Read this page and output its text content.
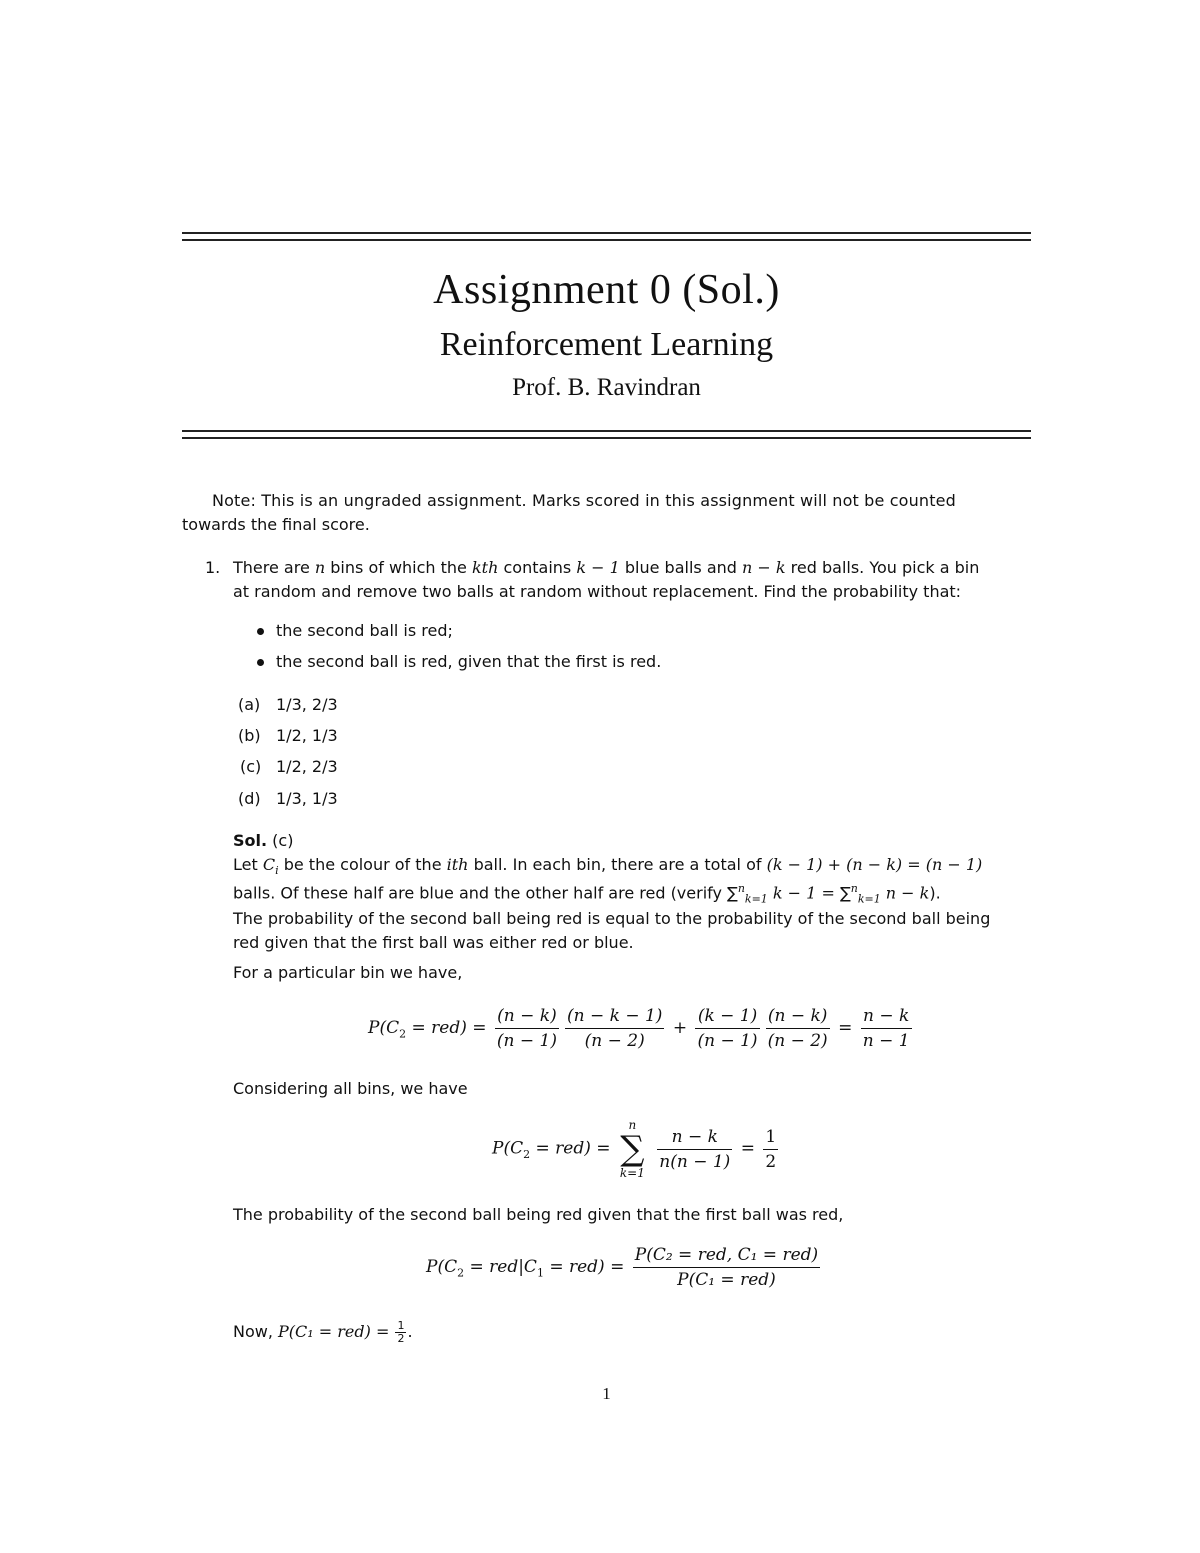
Assignment 0 (Sol.)
Reinforcement Learning
Prof. B. Ravindran
Note: This is an ungraded assignment. Marks scored in this assignment will not be counted
towards the final score.
1. There are n bins of which the kth contains k − 1 blue balls and n − k red balls. You pick a bin
at random and remove two balls at random without replacement. Find the probability that:
the second ball is red;
the second ball is red, given that the first is red.
(a) 1/3, 2/3
(b) 1/2, 1/3
(c) 1/2, 2/3
(d) 1/3, 1/3
Sol. (c)
Let $C_i$ be the colour of the ith ball. In each bin, there are a total of (k − 1) + (n − k) = (n − 1)
balls. Of these half are blue and the other half are red (verify ∑$^n_{k=1}$ k − 1 = ∑$^n_{k=1}$ n − k).
The probability of the second ball being red is equal to the probability of the second ball being
red given that the first ball was either red or blue.
For a particular bin we have,
$P(C_2 = red) = \frac{(n - k)}{(n - 1)} \frac{(n - k - 1)}{(n - 2)} + \frac{(k - 1)}{(n - 1)} \frac{(n - k)}{(n - 2)} = \frac{n - k}{n - 1}$
Considering all bins, we have
$P(C_2 = red)$ =
n
∑
k=1
$\frac{n - k}{n(n - 1)} = \frac{1}{2}$
The probability of the second ball being red given that the first ball was red,
$P(C_2 = red|C_1 = red) = \frac{\text{P(C₂ = red, C₁ = red)}}{\text{P(C₁ = red)}}$
Now, $P(C_1 = red) = \frac{1}{2}$ .
1
